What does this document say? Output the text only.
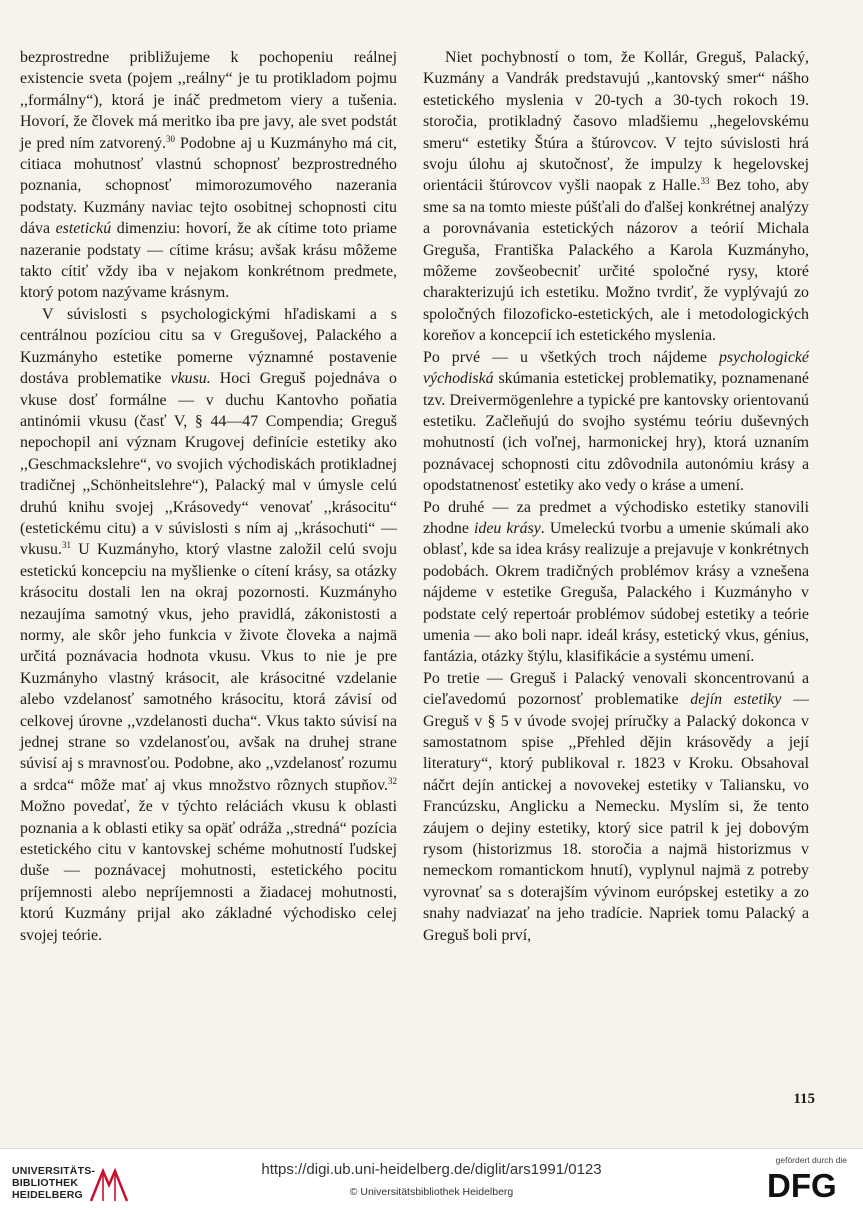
bezprostredne približujeme k pochopeniu reálnej existencie sveta (pojem ,,reálny“ je tu protikladom pojmu ,,formálny“), ktorá je ináč predmetom viery a tušenia. Hovorí, že človek má meritko iba pre javy, ale svet podstát je pred ním zatvorený.$^{30}$ Podobne aj u Kuzmányho má cit, citiaca mohutnosť vlastnú schopnosť bezprostredného poznania, schopnosť mimorozumového nazerania podstaty. Kuzmány naviac tejto osobitnej schopnosti citu dáva estetickú dimenziu: hovorí, že ak cítime toto priame nazeranie podstaty — cítime krásu; avšak krásu môžeme takto cítiť vždy iba v nejakom konkrétnom predmete, ktorý potom nazývame krásnym.

V súvislosti s psychologickými hľadiskami a s centrálnou pozíciou citu sa v Gregušovej, Palackého a Kuzmányho estetike pomerne významné postavenie dostáva problematike vkusu. Hoci Greguš pojednáva o vkuse dosť formálne — v duchu Kantovho poňatia antinómii vkusu (časť V, § 44—47 Compendia; Greguš nepochopil ani význam Krugovej definície estetiky ako ,,Geschmackslehre“, vo svojich východiskách protikladnej tradičnej ,,Schönheitslehre“), Palacký mal v úmysle celú druhú knihu svojej ,,Krásovedy“ venovať ,,krásocitu“ (estetickému citu) a v súvislosti s ním aj ,,krásochuti“ — vkusu.$^{31}$ U Kuzmányho, ktorý vlastne založil celú svoju estetickú koncepciu na myšlienke o cítení krásy, sa otázky krásocitu dostali len na okraj pozornosti. Kuzmányho nezaujíma samotný vkus, jeho pravidlá, zákonistosti a normy, ale skôr jeho funkcia v živote človeka a najmä určitá poznávacia hodnota vkusu. Vkus to nie je pre Kuzmányho vlastný krásocit, ale krásocitné vzdelanie alebo vzdelanosť samotného krásocitu, ktorá závisí od celkovej úrovne ,,vzdelanosti ducha“. Vkus takto súvisí na jednej strane so vzdelanosťou, avšak na druhej strane súvisí aj s mravnosťou. Podobne, ako ,,vzdelanosť rozumu a srdca“ môže mať aj vkus množstvo rôznych stupňov.$^{32}$ Možno povedať, že v týchto reláciách vkusu k oblasti poznania a k oblasti etiky sa opäť odráža ,,stredná“ pozícia estetického citu v kantovskej schéme mohutností ľudskej duše — poznávacej mohutnosti, estetického pocitu príjemnosti alebo nepríjemnosti a žiadacej mohutnosti, ktorú Kuzmány prijal ako základné východisko celej svojej teórie.

Niet pochybností o tom, že Kollár, Greguš, Palacký, Kuzmány a Vandrák predstavujú ,,kantovský smer“ nášho estetického myslenia v 20-tych a 30-tych rokoch 19. storočia, protikladný časovo mladšiemu ,,hegelovskému smeru“ estetiky Štúra a štúrovcov. V tejto súvislosti hrá svoju úlohu aj skutočnosť, že impulzy k hegelovskej orientácii štúrovcov vyšli naopak z Halle.$^{33}$ Bez toho, aby sme sa na tomto mieste púšťali do ďalšej konkrétnej analýzy a porovnávania estetických názorov a teórií Michala Greguša, Františka Palackého a Karola Kuzmányho, môžeme zovšeobecniť určité spoločné rysy, ktoré charakterizujú ich estetiku. Možno tvrdiť, že vyplývajú zo spoločných filozoficko-estetických, ale i metodologických koreňov a koncepcií ich estetického myslenia.

Po prvé — u všetkých troch nájdeme psychologické východiská skúmania estetickej problematiky, poznamenané tzv. Dreivermögenlehre a typické pre kantovsky orientovanú estetiku. Začleňujú do svojho systému teóriu duševných mohutností (ich voľnej, harmonickej hry), ktorá uznaním poznávacej schopnosti citu zdôvodnila autonómiu krásy a opodstatnenosť estetiky ako vedy o kráse a umení.

Po druhé — za predmet a východisko estetiky stanovili zhodne ideu krásy. Umeleckú tvorbu a umenie skúmali ako oblasť, kde sa idea krásy realizuje a prejavuje v konkrétnych podobách. Okrem tradičných problémov krásy a vznešena nájdeme v estetike Greguša, Palackého i Kuzmányho v podstate celý repertoár problémov súdobej estetiky a teórie umenia — ako boli napr. ideál krásy, estetický vkus, génius, fantázia, otázky štýlu, klasifikácie a systému umení.

Po tretie — Greguš i Palacký venovali skoncentrovanú a cieľavedomú pozornosť problematike dejín estetiky — Greguš v § 5 v úvode svojej príručky a Palacký dokonca v samostatnom spise ,,Přehled dějin krásovědy a její literatury“, ktorý publikoval r. 1823 v Kroku. Obsahoval náčrt dejín antickej a novovekej estetiky v Taliansku, vo Francúzsku, Anglicku a Nemecku. Myslím si, že tento záujem o dejiny estetiky, ktorý sice patril k jej dobovým rysom (historizmus 18. storočia a najmä historizmus v nemeckom romantickom hnutí), vyplynul najmä z potreby vyrovnať sa s doterajším vývinom európskej estetiky a zo snahy nadviazať na jeho tradície. Napriek tomu Palacký a Greguš boli prví,

115
UNIVERSITÄTS-
BIBLIOTHEK
HEIDELBERG
https://digi.ub.uni-heidelberg.de/diglit/ars1991/0123
© Universitätsbibliothek Heidelberg
gefördert durch die
DFG
